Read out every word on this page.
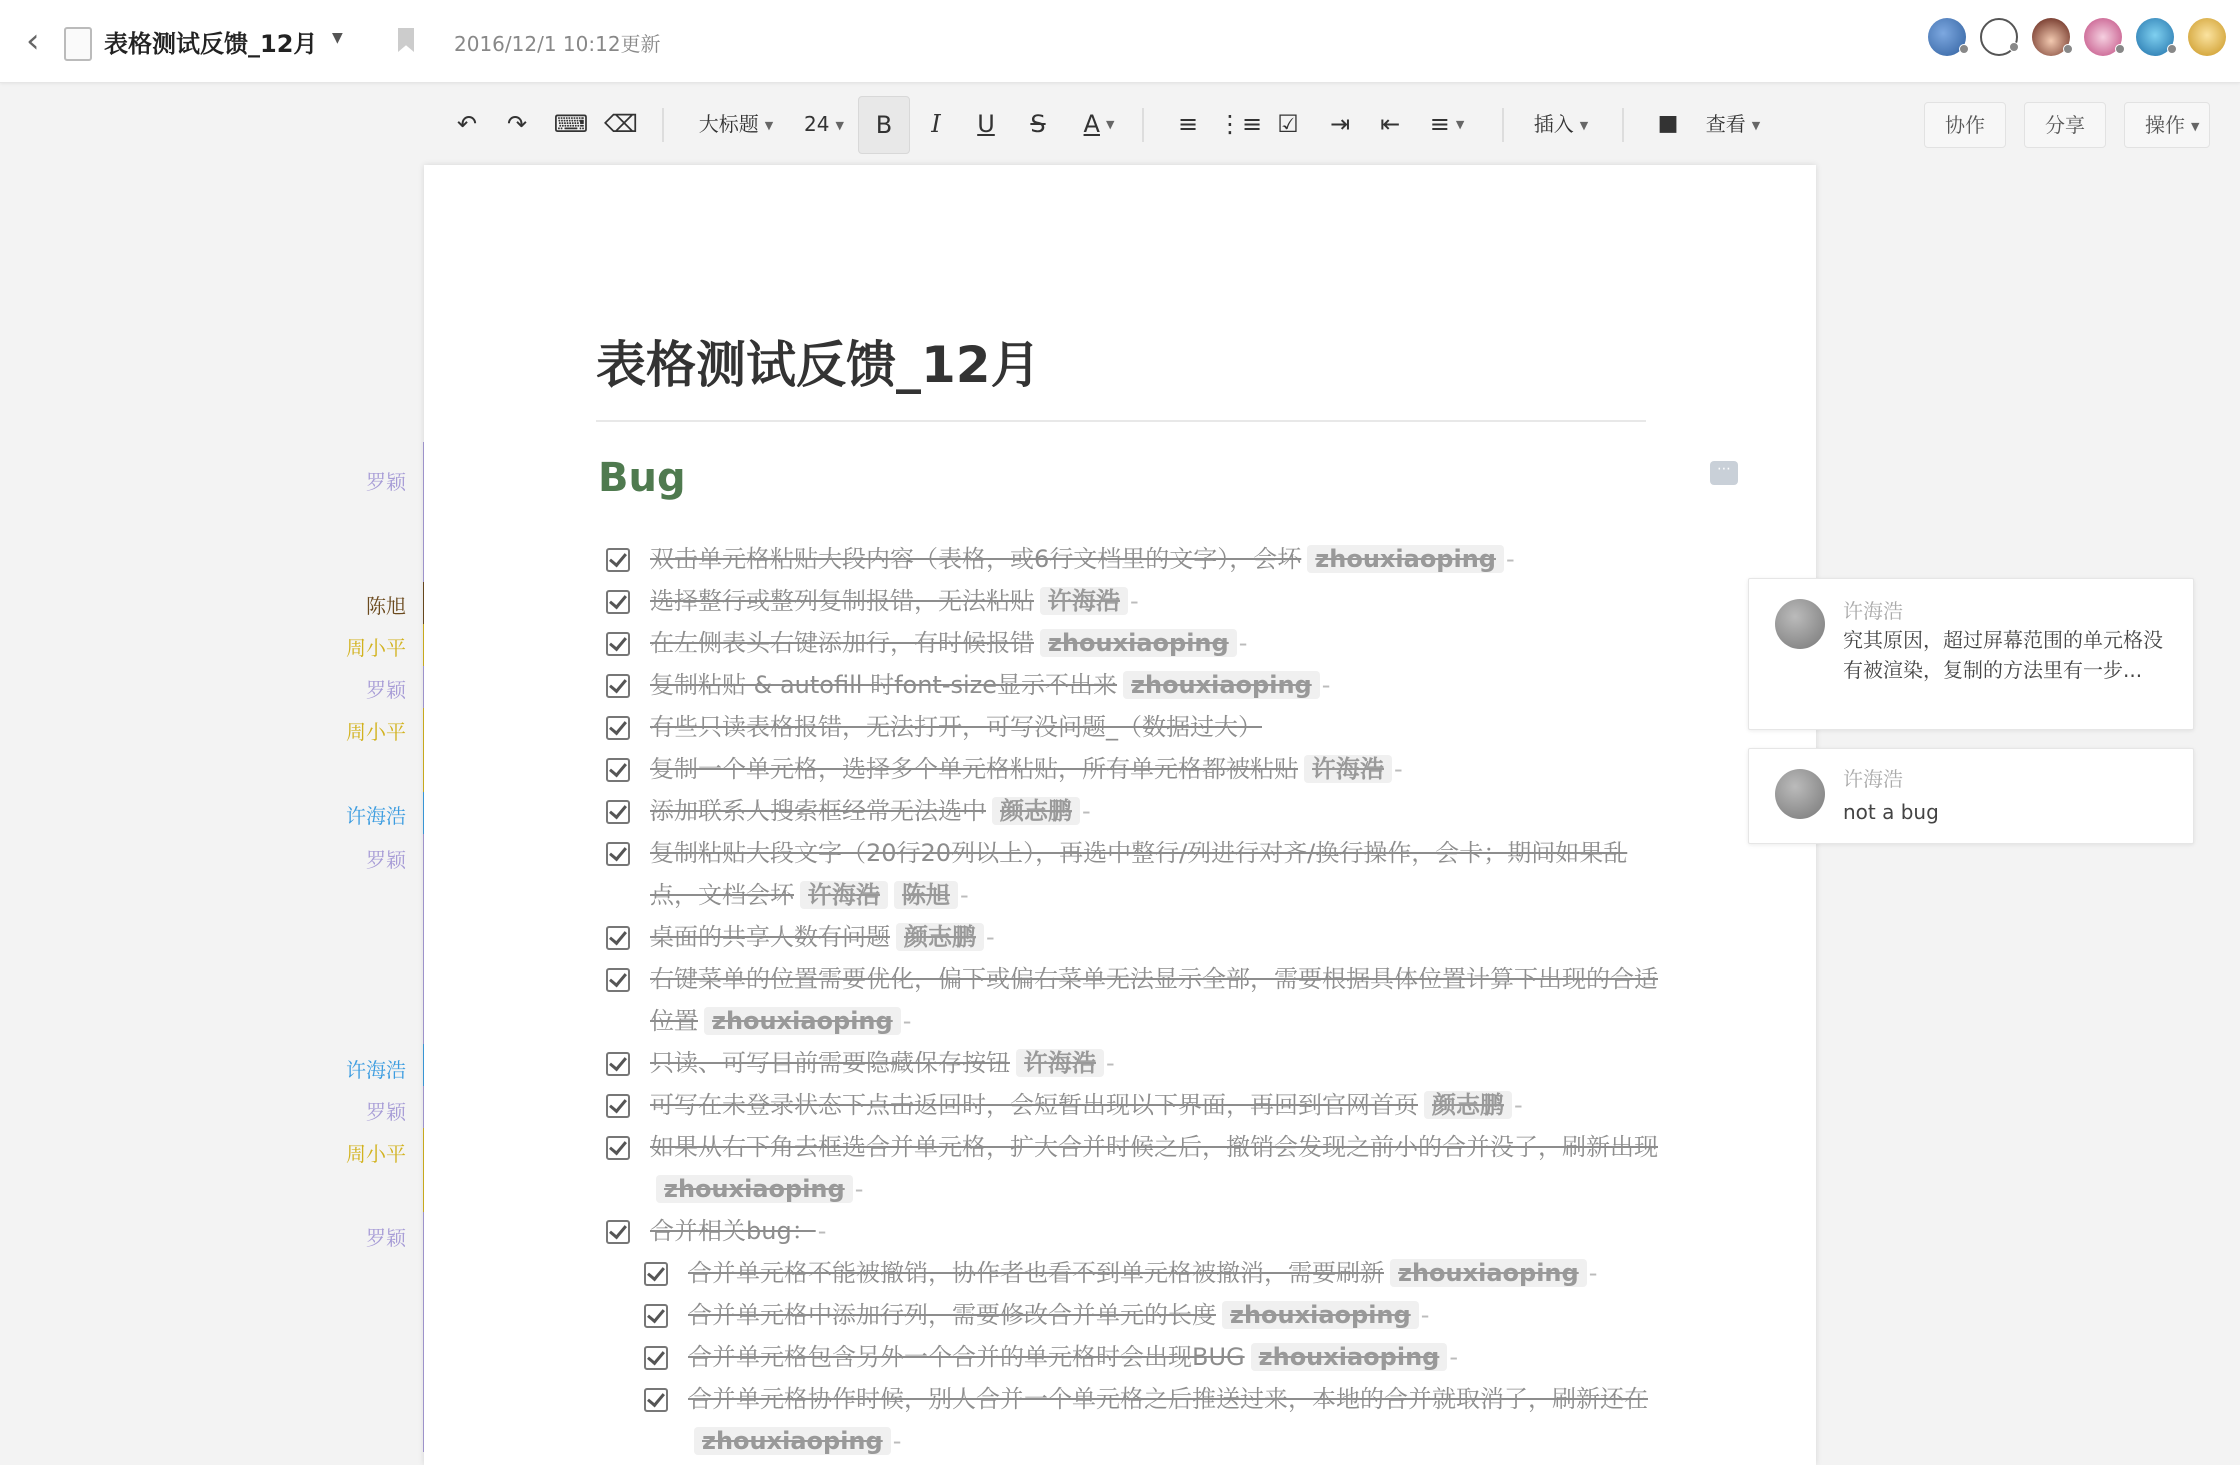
‹	表格测试反馈_12月 ▼	2016/12/1 10:12更新
↶	↷	⌨ ⌫	大标题 ▼	24 ▼	B	I	U	S	A ▼	≡ ⋮≡ ☑	⇥	⇤	≡ ▼	插入 ▼	■	查看 ▼	协作	分享	操作 ▼
罗颖
陈旭
周小平
罗颖
周小平
许海浩
罗颖
许海浩
罗颖
周小平
罗颖
表格测试反馈_12月
Bug	⋯
双击单元格粘贴大段内容（表格，或6行文档里的文字），会坏 zhouxiaoping -
选择整行或整列复制报错，无法粘贴 许海浩 -
在左侧表头右键添加行，有时候报错 zhouxiaoping -
复制粘贴 & autofill 时font-size显示不出来 zhouxiaoping -
有些只读表格报错，无法打开，可写没问题_（数据过大）
复制一个单元格，选择多个单元格粘贴，所有单元格都被粘贴 许海浩 -
添加联系人搜索框经常无法选中 颜志鹏 -
复制粘贴大段文字（20行20列以上），再选中整行/列进行对齐/换行操作，会卡；期间如果乱点，文档会坏 许海浩 陈旭 -
桌面的共享人数有问题 颜志鹏 -
右键菜单的位置需要优化，偏下或偏右菜单无法显示全部，需要根据具体位置计算下出现的合适位置 zhouxiaoping -
只读、可写目前需要隐藏保存按钮 许海浩 -
可写在未登录状态下点击返回时，会短暂出现以下界面，再回到官网首页 颜志鹏 -
如果从右下角去框选合并单元格，扩大合并时候之后，撤销会发现之前小的合并没了，刷新出现zhouxiaoping -
合并相关bug：-
合并单元格不能被撤销，协作者也看不到单元格被撤消，需要刷新 zhouxiaoping -
合并单元格中添加行列，需要修改合并单元的长度 zhouxiaoping -
合并单元格包含另外一个合并的单元格时会出现BUG zhouxiaoping -
合并单元格协作时候，别人合并一个单元格之后推送过来，本地的合并就取消了，刷新还在zhouxiaoping -
许海浩
究其原因，超过屏幕范围的单元格没有被渲染，复制的方法里有一步...
许海浩
not a bug
